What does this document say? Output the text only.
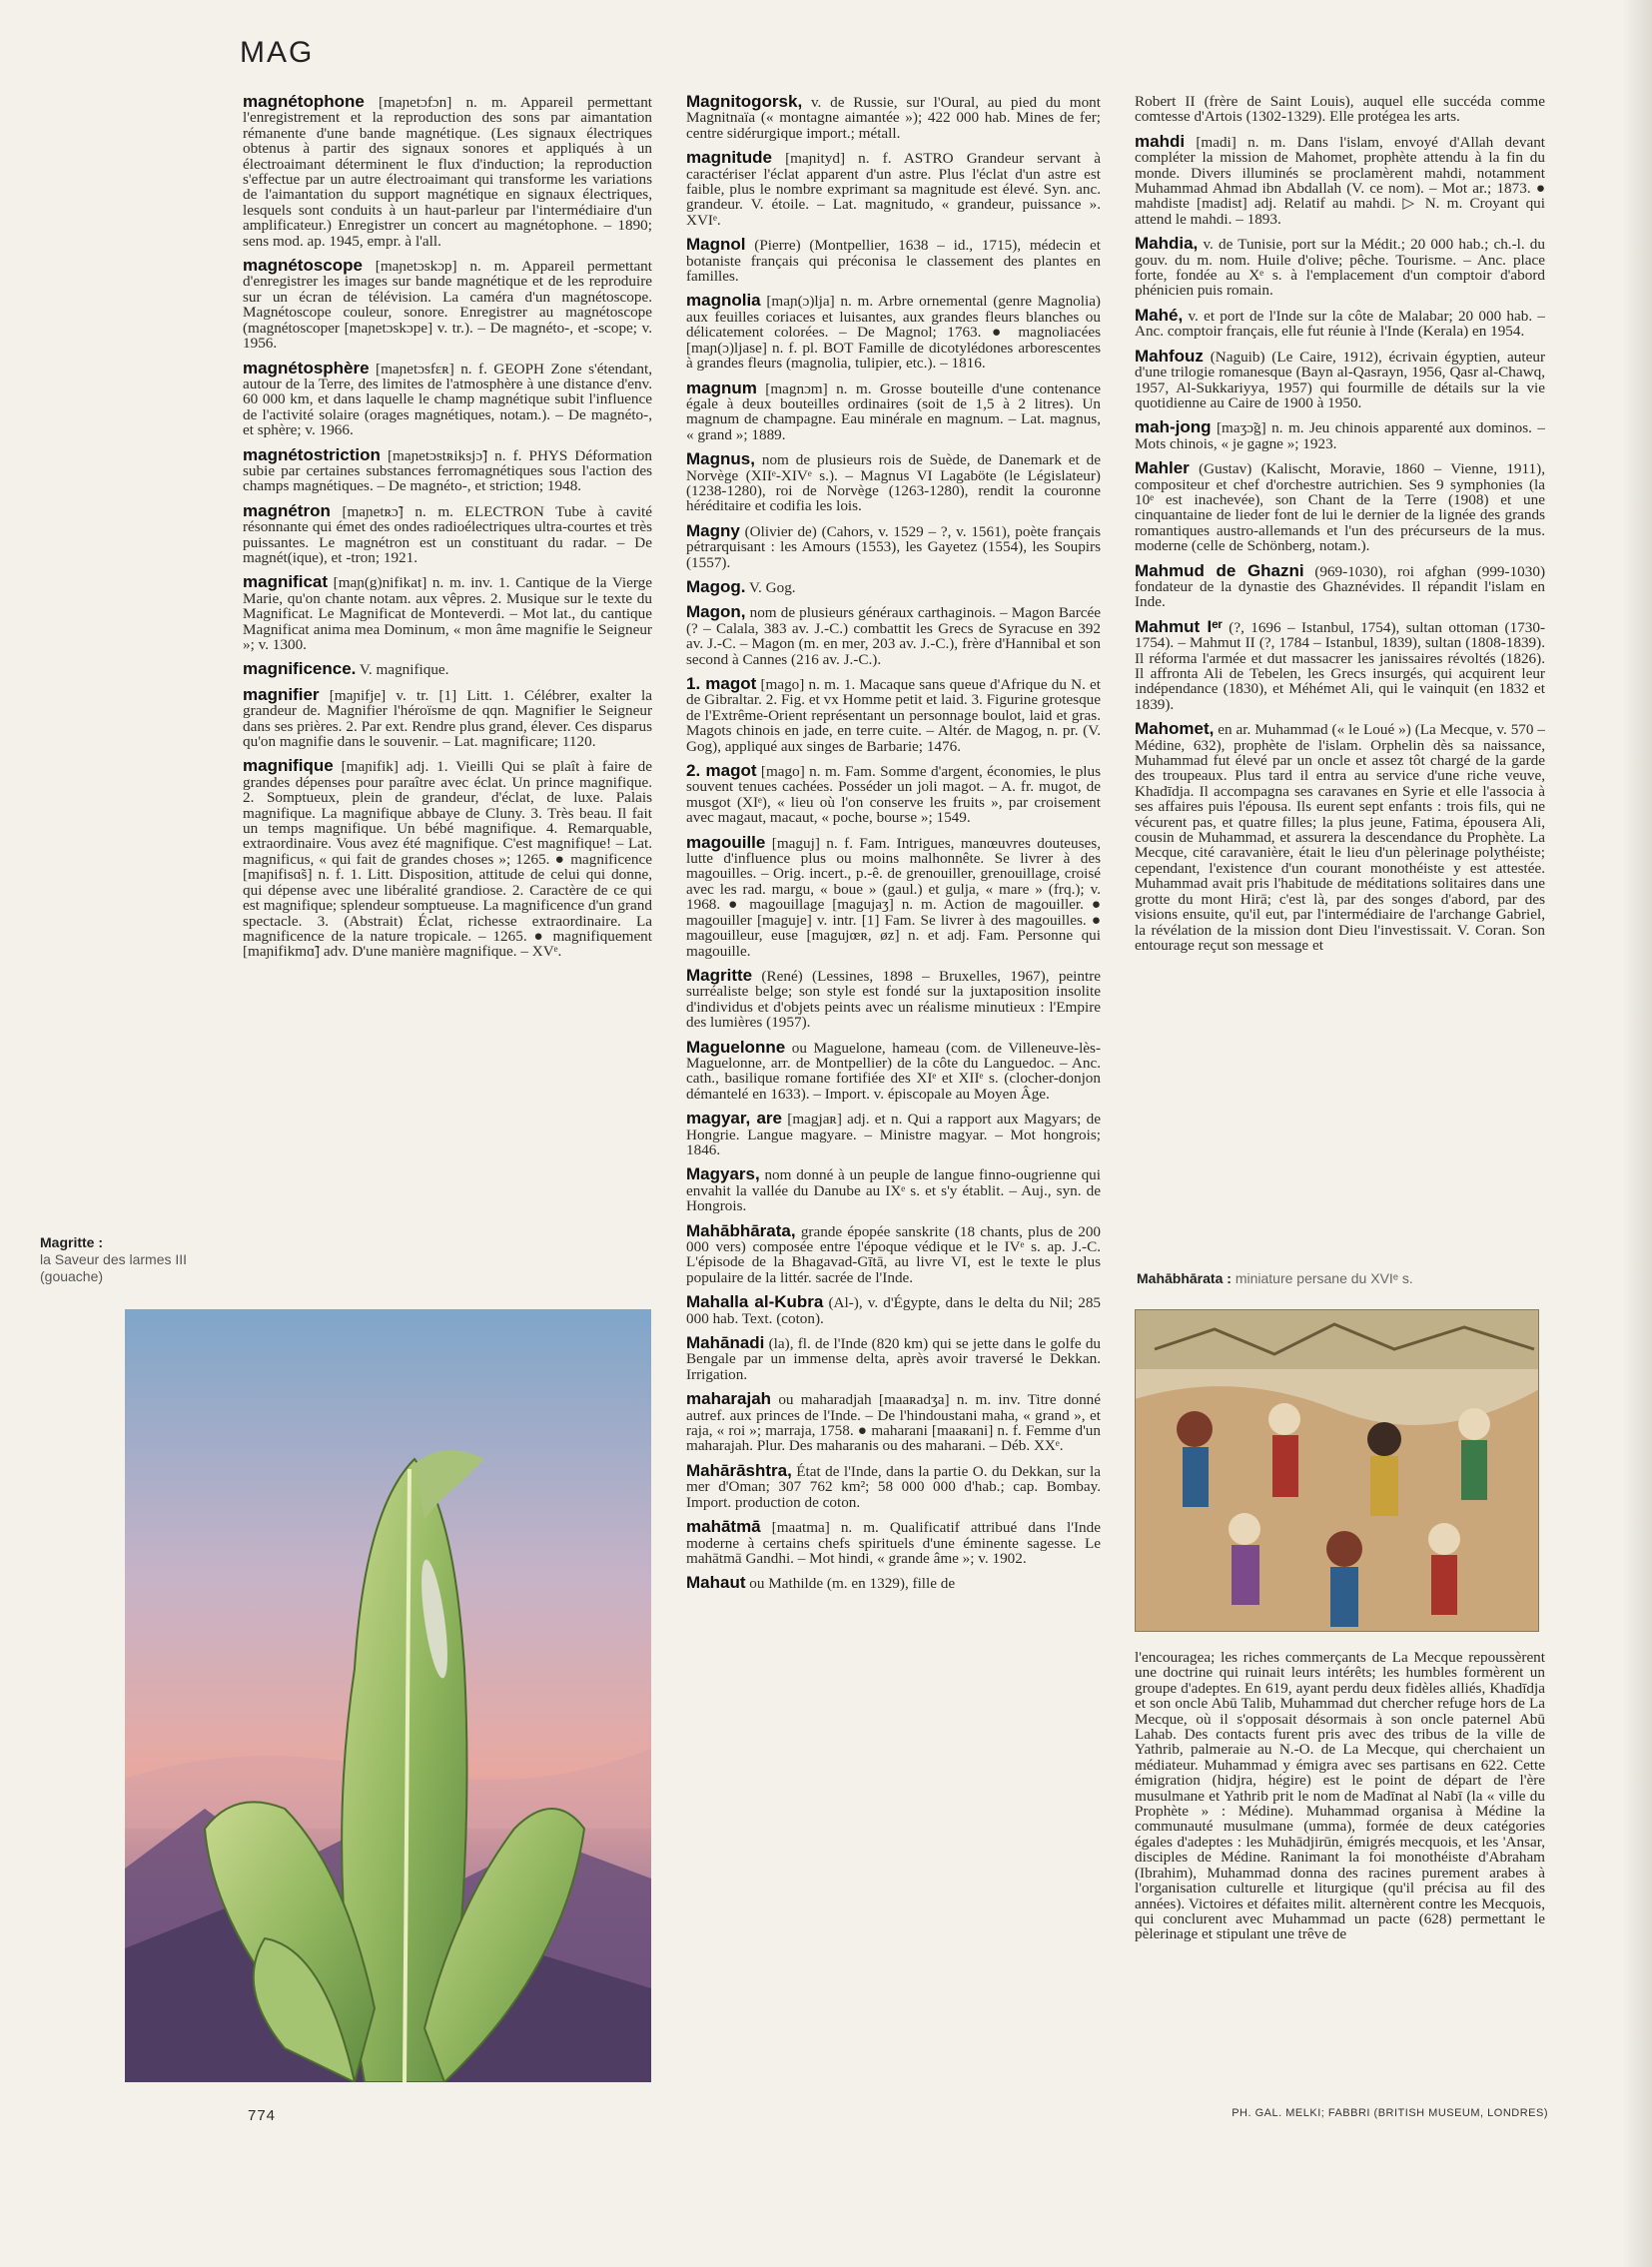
MAG

magnétophone [maɲetɔfɔn] n. m. Appareil permettant l'enregistrement et la reproduction des sons par aimantation rémanente d'une bande magnétique. (Les signaux électriques obtenus à partir des signaux sonores et appliqués à un électroaimant déterminent le flux d'induction; la reproduction s'effectue par un autre électroaimant qui transforme les variations de l'aimantation du support magnétique en signaux électriques, lesquels sont conduits à un haut-parleur par l'intermédiaire d'un amplificateur.) Enregistrer un concert au magnétophone. – 1890; sens mod. ap. 1945, empr. à l'all.

magnétoscope [maɲetɔskɔp] n. m. Appareil permettant d'enregistrer les images sur bande magnétique et de les reproduire sur un écran de télévision. La caméra d'un magnétoscope. Magnétoscope couleur, sonore. Enregistrer au magnétoscope (magnétoscoper [maɲetɔskɔpe] v. tr.). – De magnéto-, et -scope; v. 1956.

magnétosphère [maɲetɔsfɛʀ] n. f. GEOPH Zone s'étendant, autour de la Terre, des limites de l'atmosphère à une distance d'env. 60 000 km, et dans laquelle le champ magnétique subit l'influence de l'activité solaire (orages magnétiques, notam.). – De magnéto-, et sphère; v. 1966.

magnétostriction [maɲetɔstʀiksjɔ̃] n. f. PHYS Déformation subie par certaines substances ferromagnétiques sous l'action des champs magnétiques. – De magnéto-, et striction; 1948.

magnétron [maɲetʀɔ̃] n. m. ELECTRON Tube à cavité résonnante qui émet des ondes radioélectriques ultra-courtes et très puissantes. Le magnétron est un constituant du radar. – De magnét(ique), et -tron; 1921.

magnificat [maɲ(g)nifikat] n. m. inv. 1. Cantique de la Vierge Marie, qu'on chante notam. aux vêpres. 2. Musique sur le texte du Magnificat. Le Magnificat de Monteverdi. – Mot lat., du cantique Magnificat anima mea Dominum, « mon âme magnifie le Seigneur »; v. 1300.

magnificence. V. magnifique.

magnifier [maɲifje] v. tr. [1] Litt. 1. Célébrer, exalter la grandeur de. Magnifier l'héroïsme de qqn. Magnifier le Seigneur dans ses prières. 2. Par ext. Rendre plus grand, élever. Ces disparus qu'on magnifie dans le souvenir. – Lat. magnificare; 1120.

magnifique [maɲifik] adj. 1. Vieilli Qui se plaît à faire de grandes dépenses pour paraître avec éclat. Un prince magnifique. 2. Somptueux, plein de grandeur, d'éclat, de luxe. Palais magnifique. La magnifique abbaye de Cluny. 3. Très beau. Il fait un temps magnifique. Un bébé magnifique. 4. Remarquable, extraordinaire. Vous avez été magnifique. C'est magnifique! – Lat. magnificus, « qui fait de grandes choses »; 1265. ● magnificence [maɲifisɑ̃s] n. f. 1. Litt. Disposition, attitude de celui qui donne, qui dépense avec une libéralité grandiose. 2. Caractère de ce qui est magnifique; splendeur somptueuse. La magnificence d'un grand spectacle. 3. (Abstrait) Éclat, richesse extraordinaire. La magnificence de la nature tropicale. – 1265. ● magnifiquement [maɲifikmɑ̃] adv. D'une manière magnifique. – XVᵉ.

Magnitogorsk, v. de Russie, sur l'Oural, au pied du mont Magnitnaïa (« montagne aimantée »); 422 000 hab. Mines de fer; centre sidérurgique import.; métall.

magnitude [maɲityd] n. f. ASTRO Grandeur servant à caractériser l'éclat apparent d'un astre. Plus l'éclat d'un astre est faible, plus le nombre exprimant sa magnitude est élevé. Syn. anc. grandeur. V. étoile. – Lat. magnitudo, « grandeur, puissance ». XVIᵉ.

Magnol (Pierre) (Montpellier, 1638 – id., 1715), médecin et botaniste français qui préconisa le classement des plantes en familles.

magnolia [maɲ(ɔ)ljа] n. m. Arbre ornemental (genre Magnolia) aux feuilles coriaces et luisantes, aux grandes fleurs blanches ou délicatement colorées. – De Magnol; 1763. ● magnoliacées [maɲ(ɔ)ljase] n. f. pl. BOT Famille de dicotylédones arborescentes à grandes fleurs (magnolia, tulipier, etc.). – 1816.

magnum [magnɔm] n. m. Grosse bouteille d'une contenance égale à deux bouteilles ordinaires (soit de 1,5 à 2 litres). Un magnum de champagne. Eau minérale en magnum. – Lat. magnus, « grand »; 1889.

Magnus, nom de plusieurs rois de Suède, de Danemark et de Norvège (XIIᵉ-XIVᵉ s.). – Magnus VI Lagaböte (le Législateur) (1238-1280), roi de Norvège (1263-1280), rendit la couronne héréditaire et codifia les lois.

Magny (Olivier de) (Cahors, v. 1529 – ?, v. 1561), poète français pétrarquisant : les Amours (1553), les Gayetez (1554), les Soupirs (1557).

Magog. V. Gog.

Magon, nom de plusieurs généraux carthaginois. – Magon Barcée (? – Calala, 383 av. J.-C.) combattit les Grecs de Syracuse en 392 av. J.-C. – Magon (m. en mer, 203 av. J.-C.), frère d'Hannibal et son second à Cannes (216 av. J.-C.).

1. magot [mago] n. m. 1. Macaque sans queue d'Afrique du N. et de Gibraltar. 2. Fig. et vx Homme petit et laid. 3. Figurine grotesque de l'Extrême-Orient représentant un personnage boulot, laid et gras. Magots chinois en jade, en terre cuite. – Altér. de Magog, n. pr. (V. Gog), appliqué aux singes de Barbarie; 1476.

2. magot [mago] n. m. Fam. Somme d'argent, économies, le plus souvent tenues cachées. Posséder un joli magot. – A. fr. mugot, de musgot (XIᵉ), « lieu où l'on conserve les fruits », par croisement avec magaut, macaut, « poche, bourse »; 1549.

magouille [maguj] n. f. Fam. Intrigues, manœuvres douteuses, lutte d'influence plus ou moins malhonnête. Se livrer à des magouilles. – Orig. incert., p.-ê. de grenouiller, grenouillage, croisé avec les rad. margu, « boue » (gaul.) et gulja, « mare » (frq.); v. 1968. ● magouillage [magujaʒ] n. m. Action de magouiller. ● magouiller [maguje] v. intr. [1] Fam. Se livrer à des magouilles. ● magouilleur, euse [magujœʀ, øz] n. et adj. Fam. Personne qui magouille.

Magritte (René) (Lessines, 1898 – Bruxelles, 1967), peintre surréaliste belge; son style est fondé sur la juxtaposition insolite d'individus et d'objets peints avec un réalisme minutieux : l'Empire des lumières (1957).

Maguelonne ou Maguelone, hameau (com. de Villeneuve-lès-Maguelonne, arr. de Montpellier) de la côte du Languedoc. – Anc. cath., basilique romane fortifiée des XIᵉ et XIIᵉ s. (clocher-donjon démantelé en 1633). – Import. v. épiscopale au Moyen Âge.

magyar, are [magjaʀ] adj. et n. Qui a rapport aux Magyars; de Hongrie. Langue magyare. – Ministre magyar. – Mot hongrois; 1846.

Magyars, nom donné à un peuple de langue finno-ougrienne qui envahit la vallée du Danube au IXᵉ s. et s'y établit. – Auj., syn. de Hongrois.

Mahābhārata, grande épopée sanskrite (18 chants, plus de 200 000 vers) composée entre l'époque védique et le IVᵉ s. ap. J.-C. L'épisode de la Bhagavad-Gītā, au livre VI, est le texte le plus populaire de la littér. sacrée de l'Inde.

Mahalla al-Kubra (Al-), v. d'Égypte, dans le delta du Nil; 285 000 hab. Text. (coton).

Mahānadi (la), fl. de l'Inde (820 km) qui se jette dans le golfe du Bengale par un immense delta, après avoir traversé le Dekkan. Irrigation.

maharajah ou maharadjah [maaʀadʒa] n. m. inv. Titre donné autref. aux princes de l'Inde. – De l'hindoustani maha, « grand », et raja, « roi »; marraja, 1758. ● maharani [maaʀani] n. f. Femme d'un maharajah. Plur. Des maharanis ou des maharani. – Déb. XXᵉ.

Mahārāshtra, État de l'Inde, dans la partie O. du Dekkan, sur la mer d'Oman; 307 762 km²; 58 000 000 d'hab.; cap. Bombay. Import. production de coton.

mahātmā [maatma] n. m. Qualificatif attribué dans l'Inde moderne à certains chefs spirituels d'une éminente sagesse. Le mahātmā Gandhi. – Mot hindi, « grande âme »; v. 1902.

Mahaut ou Mathilde (m. en 1329), fille de

Robert II (frère de Saint Louis), auquel elle succéda comme comtesse d'Artois (1302-1329). Elle protégea les arts.

mahdi [madi] n. m. Dans l'islam, envoyé d'Allah devant compléter la mission de Mahomet, prophète attendu à la fin du monde. Divers illuminés se proclamèrent mahdi, notamment Muhammad Ahmad ibn Abdallah (V. ce nom). – Mot ar.; 1873. ● mahdiste [madist] adj. Relatif au mahdi. ▷ N. m. Croyant qui attend le mahdi. – 1893.

Mahdia, v. de Tunisie, port sur la Médit.; 20 000 hab.; ch.-l. du gouv. du m. nom. Huile d'olive; pêche. Tourisme. – Anc. place forte, fondée au Xᵉ s. à l'emplacement d'un comptoir d'abord phénicien puis romain.

Mahé, v. et port de l'Inde sur la côte de Malabar; 20 000 hab. – Anc. comptoir français, elle fut réunie à l'Inde (Kerala) en 1954.

Mahfouz (Naguib) (Le Caire, 1912), écrivain égyptien, auteur d'une trilogie romanesque (Bayn al-Qasrayn, 1956, Qasr al-Chawq, 1957, Al-Sukkariyya, 1957) qui fourmille de détails sur la vie quotidienne au Caire de 1900 à 1950.

mah-jong [maʒɔ̃g] n. m. Jeu chinois apparenté aux dominos. – Mots chinois, « je gagne »; 1923.

Mahler (Gustav) (Kalischt, Moravie, 1860 – Vienne, 1911), compositeur et chef d'orchestre autrichien. Ses 9 symphonies (la 10ᵉ est inachevée), son Chant de la Terre (1908) et une cinquantaine de lieder font de lui le dernier de la lignée des grands romantiques austro-allemands et l'un des précurseurs de la mus. moderne (celle de Schönberg, notam.).

Mahmud de Ghazni (969-1030), roi afghan (999-1030) fondateur de la dynastie des Ghaznévides. Il répandit l'islam en Inde.

Mahmut Iᵉʳ (?, 1696 – Istanbul, 1754), sultan ottoman (1730-1754). – Mahmut II (?, 1784 – Istanbul, 1839), sultan (1808-1839). Il réforma l'armée et dut massacrer les janissaires révoltés (1826). Il affronta Ali de Tebelen, les Grecs insurgés, qui acquirent leur indépendance (1830), et Méhémet Ali, qui le vainquit (en 1832 et 1839).

Mahomet, en ar. Muhammad (« le Loué ») (La Mecque, v. 570 – Médine, 632), prophète de l'islam. Orphelin dès sa naissance, Muhammad fut élevé par un oncle et assez tôt chargé de la garde des troupeaux. Plus tard il entra au service d'une riche veuve, Khadīdja. Il accompagna ses caravanes en Syrie et elle l'associa à ses affaires puis l'épousa. Ils eurent sept enfants : trois fils, qui ne vécurent pas, et quatre filles; la plus jeune, Fatima, épousera Ali, cousin de Muhammad, et assurera la descendance du Prophète. La Mecque, cité caravanière, était le lieu d'un pèlerinage polythéiste; cependant, l'existence d'un courant monothéiste y est attestée. Muhammad avait pris l'habitude de méditations solitaires dans une grotte du mont Hirā; c'est là, par des songes d'abord, par des visions ensuite, qu'il eut, par l'intermédiaire de l'archange Gabriel, la révélation de la mission dont Dieu l'investissait. V. Coran. Son entourage reçut son message et

l'encouragea; les riches commerçants de La Mecque repoussèrent une doctrine qui ruinait leurs intérêts; les humbles formèrent un groupe d'adeptes. En 619, ayant perdu deux fidèles alliés, Khadīdja et son oncle Abū Talib, Muhammad dut chercher refuge hors de La Mecque, où il s'opposait désormais à son oncle paternel Abū Lahab. Des contacts furent pris avec des tribus de la ville de Yathrib, palmeraie au N.-O. de La Mecque, qui cherchaient un médiateur. Muhammad y émigra avec ses partisans en 622. Cette émigration (hidjra, hégire) est le point de départ de l'ère musulmane et Yathrib prit le nom de Madīnat al Nabī (la « ville du Prophète » : Médine). Muhammad organisa à Médine la communauté musulmane (umma), formée de deux catégories égales d'adeptes : les Muhādjirūn, émigrés mecquois, et les 'Ansar, disciples de Médine. Ranimant la foi monothéiste d'Abraham (Ibrahim), Muhammad donna des racines purement arabes à l'organisation culturelle et liturgique (qu'il précisa au fil des années). Victoires et défaites milit. alternèrent contre les Mecquois, qui conclurent avec Muhammad un pacte (628) permettant le pèlerinage et stipulant une trêve de
Magritte :
la Saveur des larmes III (gouache)	Mahābhārata : miniature persane du XVIᵉ s.
774	PH. GAL. MELKI; FABBRI (BRITISH MUSEUM, LONDRES)
